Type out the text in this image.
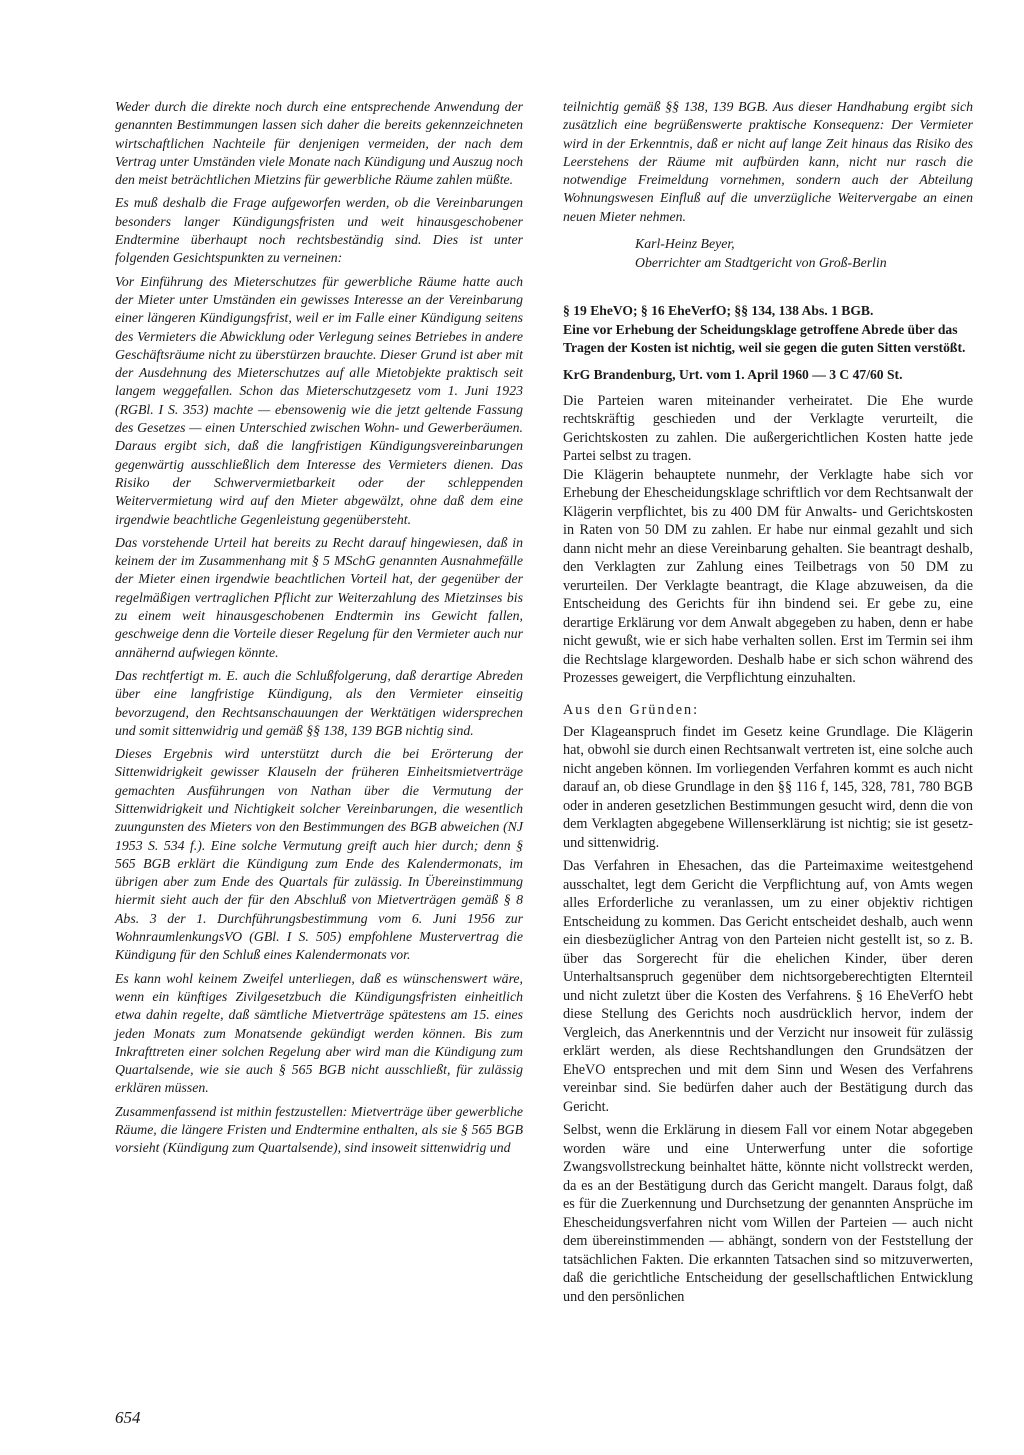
Weder durch die direkte noch durch eine entsprechende Anwendung der genannten Bestimmungen lassen sich daher die bereits gekennzeichneten wirtschaftlichen Nachteile für denjenigen vermeiden, der nach dem Vertrag unter Umständen viele Monate nach Kündigung und Auszug noch den meist beträchtlichen Mietzins für gewerbliche Räume zahlen müßte.

Es muß deshalb die Frage aufgeworfen werden, ob die Vereinbarungen besonders langer Kündigungsfristen und weit hinausgeschobener Endtermine überhaupt noch rechtsbeständig sind. Dies ist unter folgenden Gesichtspunkten zu verneinen:

Vor Einführung des Mieterschutzes für gewerbliche Räume hatte auch der Mieter unter Umständen ein gewisses Interesse an der Vereinbarung einer längeren Kündigungsfrist, weil er im Falle einer Kündigung seitens des Vermieters die Abwicklung oder Verlegung seines Betriebes in andere Geschäftsräume nicht zu überstürzen brauchte. Dieser Grund ist aber mit der Ausdehnung des Mieterschutzes auf alle Mietobjekte praktisch seit langem weggefallen. Schon das Mieterschutzgesetz vom 1. Juni 1923 (RGBl. I S. 353) machte — ebensowenig wie die jetzt geltende Fassung des Gesetzes — einen Unterschied zwischen Wohn- und Gewerberäumen. Daraus ergibt sich, daß die langfristigen Kündigungsvereinbarungen gegenwärtig ausschließlich dem Interesse des Vermieters dienen. Das Risiko der Schwervermietbarkeit oder der schleppenden Weitervermietung wird auf den Mieter abgewälzt, ohne daß dem eine irgendwie beachtliche Gegenleistung gegenübersteht.

Das vorstehende Urteil hat bereits zu Recht darauf hingewiesen, daß in keinem der im Zusammenhang mit § 5 MSchG genannten Ausnahmefälle der Mieter einen irgendwie beachtlichen Vorteil hat, der gegenüber der regelmäßigen vertraglichen Pflicht zur Weiterzahlung des Mietzinses bis zu einem weit hinausgeschobenen Endtermin ins Gewicht fallen, geschweige denn die Vorteile dieser Regelung für den Vermieter auch nur annähernd aufwiegen könnte.

Das rechtfertigt m. E. auch die Schlußfolgerung, daß derartige Abreden über eine langfristige Kündigung, als den Vermieter einseitig bevorzugend, den Rechtsanschauungen der Werktätigen widersprechen und somit sittenwidrig und gemäß §§ 138, 139 BGB nichtig sind.

Dieses Ergebnis wird unterstützt durch die bei Erörterung der Sittenwidrigkeit gewisser Klauseln der früheren Einheitsmietverträge gemachten Ausführungen von Nathan über die Vermutung der Sittenwidrigkeit und Nichtigkeit solcher Vereinbarungen, die wesentlich zuungunsten des Mieters von den Bestimmungen des BGB abweichen (NJ 1953 S. 534 f.). Eine solche Vermutung greift auch hier durch; denn § 565 BGB erklärt die Kündigung zum Ende des Kalendermonats, im übrigen aber zum Ende des Quartals für zulässig. In Übereinstimmung hiermit sieht auch der für den Abschluß von Mietverträgen gemäß § 8 Abs. 3 der 1. Durchführungsbestimmung vom 6. Juni 1956 zur WohnraumlenkungsVO (GBl. I S. 505) empfohlene Mustervertrag die Kündigung für den Schluß eines Kalendermonats vor.

Es kann wohl keinem Zweifel unterliegen, daß es wünschenswert wäre, wenn ein künftiges Zivilgesetzbuch die Kündigungsfristen einheitlich etwa dahin regelte, daß sämtliche Mietverträge spätestens am 15. eines jeden Monats zum Monatsende gekündigt werden können. Bis zum Inkrafttreten einer solchen Regelung aber wird man die Kündigung zum Quartalsende, wie sie auch § 565 BGB nicht ausschließt, für zulässig erklären müssen.

Zusammenfassend ist mithin festzustellen: Mietverträge über gewerbliche Räume, die längere Fristen und Endtermine enthalten, als sie § 565 BGB vorsieht (Kündigung zum Quartalsende), sind insoweit sittenwidrig und

teilnichtig gemäß §§ 138, 139 BGB. Aus dieser Handhabung ergibt sich zusätzlich eine begrüßenswerte praktische Konsequenz: Der Vermieter wird in der Erkenntnis, daß er nicht auf lange Zeit hinaus das Risiko des Leerstehens der Räume mit aufbürden kann, nicht nur rasch die notwendige Freimeldung vornehmen, sondern auch der Abteilung Wohnungswesen Einfluß auf die unverzügliche Weitervergabe an einen neuen Mieter nehmen.

Karl-Heinz Beyer,
Oberrichter am Stadtgericht von Groß-Berlin

§ 19 EheVO; § 16 EheVerfO; §§ 134, 138 Abs. 1 BGB.

Eine vor Erhebung der Scheidungsklage getroffene Abrede über das Tragen der Kosten ist nichtig, weil sie gegen die guten Sitten verstößt.

KrG Brandenburg, Urt. vom 1. April 1960 — 3 C 47/60 St.

Die Parteien waren miteinander verheiratet. Die Ehe wurde rechtskräftig geschieden und der Verklagte verurteilt, die Gerichtskosten zu zahlen. Die außergerichtlichen Kosten hatte jede Partei selbst zu tragen.

Die Klägerin behauptete nunmehr, der Verklagte habe sich vor Erhebung der Ehescheidungsklage schriftlich vor dem Rechtsanwalt der Klägerin verpflichtet, bis zu 400 DM für Anwalts- und Gerichtskosten in Raten von 50 DM zu zahlen. Er habe nur einmal gezahlt und sich dann nicht mehr an diese Vereinbarung gehalten. Sie beantragt deshalb, den Verklagten zur Zahlung eines Teilbetrags von 50 DM zu verurteilen. Der Verklagte beantragt, die Klage abzuweisen, da die Entscheidung des Gerichts für ihn bindend sei. Er gebe zu, eine derartige Erklärung vor dem Anwalt abgegeben zu haben, denn er habe nicht gewußt, wie er sich habe verhalten sollen. Erst im Termin sei ihm die Rechtslage klargeworden. Deshalb habe er sich schon während des Prozesses geweigert, die Verpflichtung einzuhalten.

Aus den Gründen:

Der Klageanspruch findet im Gesetz keine Grundlage. Die Klägerin hat, obwohl sie durch einen Rechtsanwalt vertreten ist, eine solche auch nicht angeben können. Im vorliegenden Verfahren kommt es auch nicht darauf an, ob diese Grundlage in den §§ 116 f, 145, 328, 781, 780 BGB oder in anderen gesetzlichen Bestimmungen gesucht wird, denn die von dem Verklagten abgegebene Willenserklärung ist nichtig; sie ist gesetz- und sittenwidrig.

Das Verfahren in Ehesachen, das die Parteimaxime weitestgehend ausschaltet, legt dem Gericht die Verpflichtung auf, von Amts wegen alles Erforderliche zu veranlassen, um zu einer objektiv richtigen Entscheidung zu kommen. Das Gericht entscheidet deshalb, auch wenn ein diesbezüglicher Antrag von den Parteien nicht gestellt ist, so z. B. über das Sorgerecht für die ehelichen Kinder, über deren Unterhaltsanspruch gegenüber dem nichtsorgeberechtigten Elternteil und nicht zuletzt über die Kosten des Verfahrens. § 16 EheVerfO hebt diese Stellung des Gerichts noch ausdrücklich hervor, indem der Vergleich, das Anerkenntnis und der Verzicht nur insoweit für zulässig erklärt werden, als diese Rechtshandlungen den Grundsätzen der EheVO entsprechen und mit dem Sinn und Wesen des Verfahrens vereinbar sind. Sie bedürfen daher auch der Bestätigung durch das Gericht.

Selbst, wenn die Erklärung in diesem Fall vor einem Notar abgegeben worden wäre und eine Unterwerfung unter die sofortige Zwangsvollstreckung beinhaltet hätte, könnte nicht vollstreckt werden, da es an der Bestätigung durch das Gericht mangelt. Daraus folgt, daß es für die Zuerkennung und Durchsetzung der genannten Ansprüche im Ehescheidungsverfahren nicht vom Willen der Parteien — auch nicht dem übereinstimmenden — abhängt, sondern von der Feststellung der tatsächlichen Fakten. Die erkannten Tatsachen sind so mitzuverwerten, daß die gerichtliche Entscheidung der gesellschaftlichen Entwicklung und den persönlichen

654
